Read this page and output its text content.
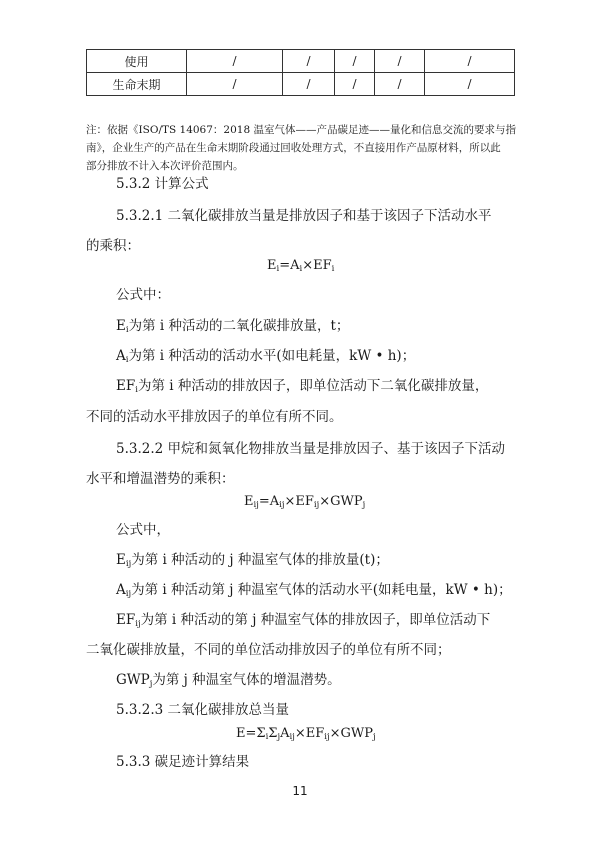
使用	/	/	/	/	/
生命末期	/	/	/	/	/
注：依据《ISO/TS 14067：2018 温室气体——产品碳足迹——量化和信息交流的要求与指
南》，企业生产的产品在生命末期阶段通过回收处理方式，不直接用作产品原材料，所以此
部分排放不计入本次评价范围内。
5.3.2 计算公式
5.3.2.1 二氧化碳排放当量是排放因子和基于该因子下活动水平
的乘积：
$E_i=A_i\times EF_i$
公式中：
$E_i$为第 i 种活动的二氧化碳排放量，t；
$A_i$为第 i 种活动的活动水平(如电耗量，kW • h)；
$EF_i$为第 i 种活动的排放因子，即单位活动下二氧化碳排放量，
不同的活动水平排放因子的单位有所不同。
5.3.2.2 甲烷和氮氧化物排放当量是排放因子、基于该因子下活动
水平和增温潜势的乘积：
$E_{ij}=A_{ij}\times EF_{ij}\times GWP_j$
公式中，
$E_{ij}$为第 i 种活动的 j 种温室气体的排放量(t)；
$A_{ij}$为第 i 种活动第 j 种温室气体的活动水平(如耗电量，kW • h)；
$EF_{ij}$为第 i 种活动的第 j 种温室气体的排放因子，即单位活动下
二氧化碳排放量，不同的单位活动排放因子的单位有所不同；
$GWP_j$为第 j 种温室气体的增温潜势。
5.3.2.3 二氧化碳排放总当量
$E=\Sigma_i\Sigma_jA_{ij}\times EF_{ij}\times GWP_j$
5.3.3 碳足迹计算结果
11
